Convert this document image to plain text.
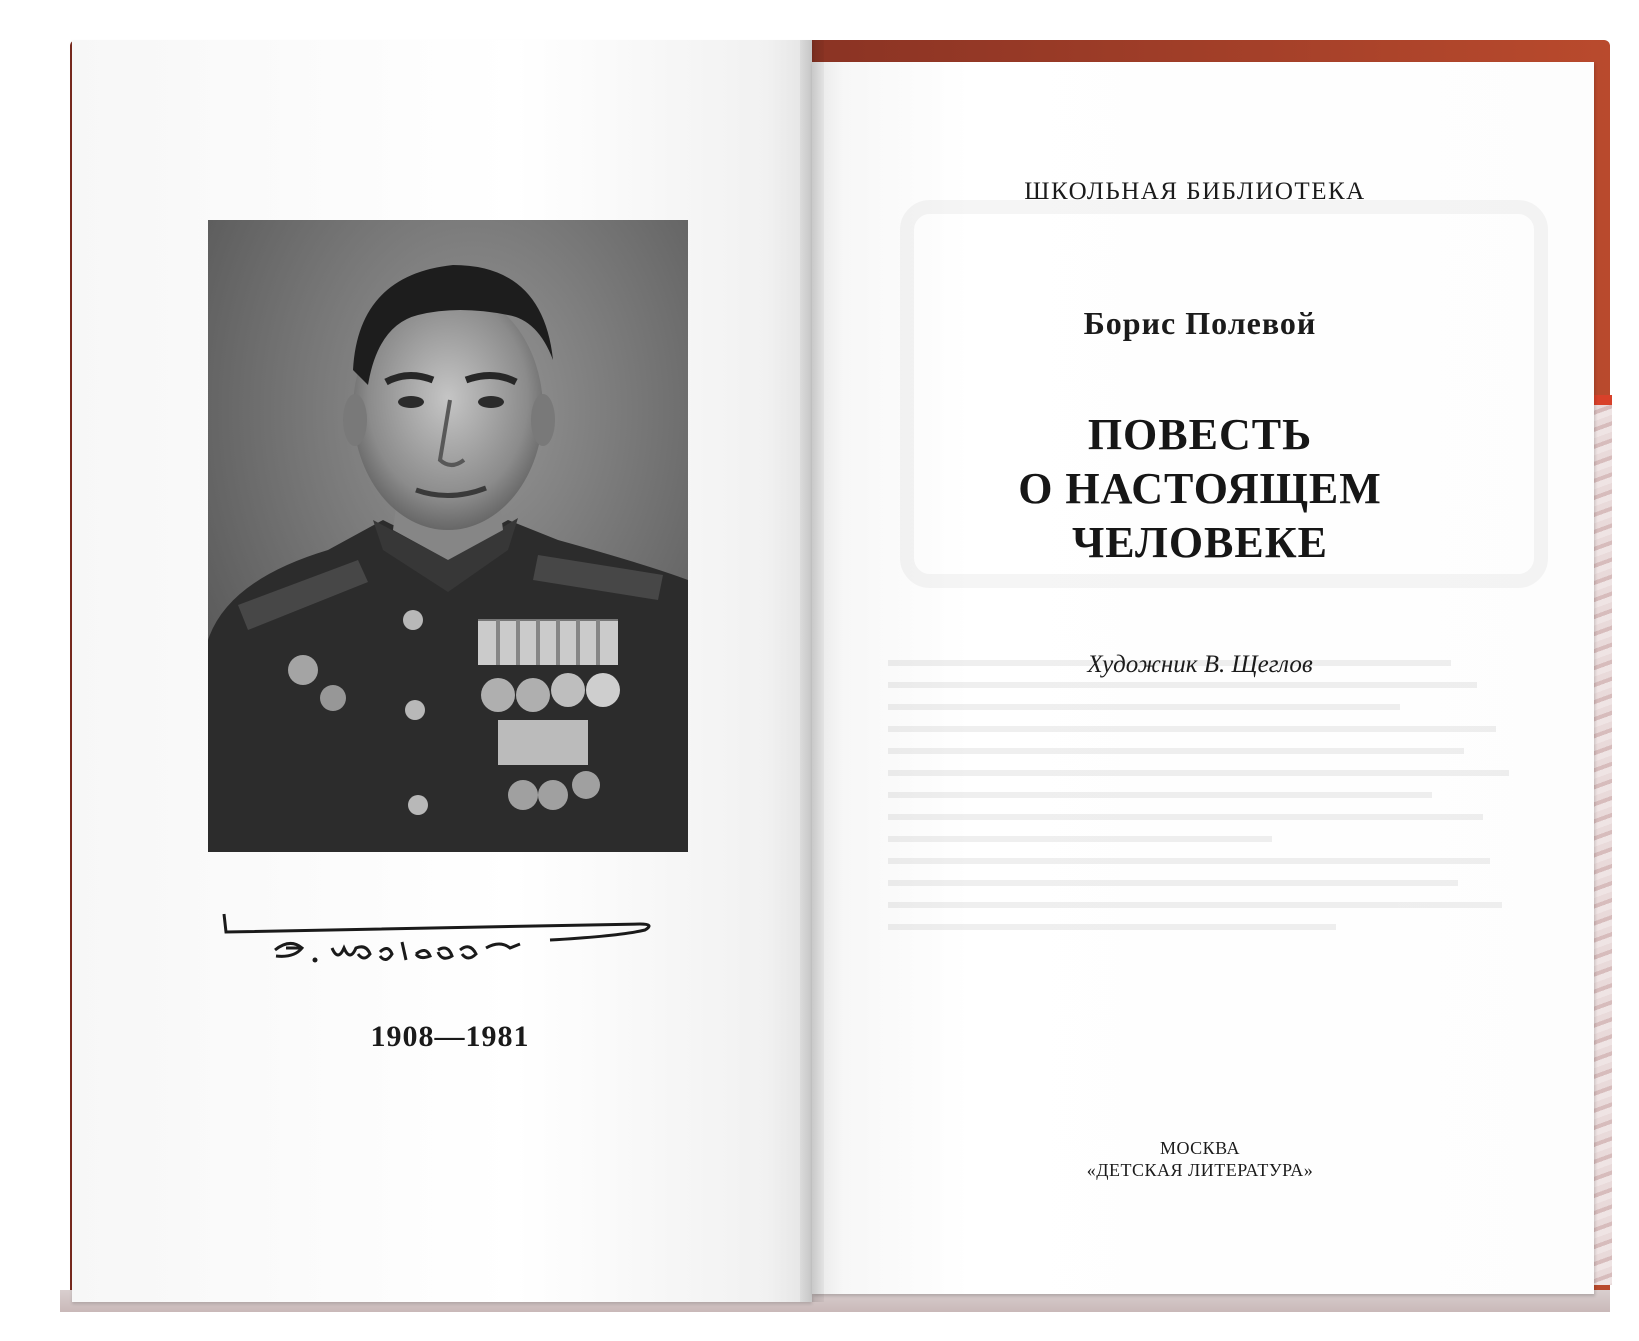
1908—1981
ШКОЛЬНАЯ БИБЛИОТЕКА
Борис Полевой
ПОВЕСТЬ
О НАСТОЯЩЕМ
ЧЕЛОВЕКЕ
Художник В. Щеглов
МОСКВА
«ДЕТСКАЯ ЛИТЕРАТУРА»
